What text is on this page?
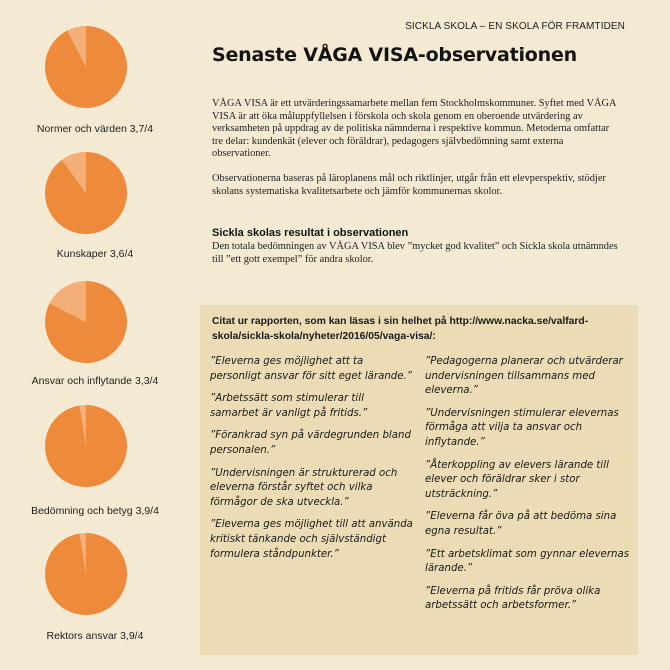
SICKLA SKOLA – EN SKOLA FÖR FRAMTIDEN
Normer och värden 3,7/4
Kunskaper 3,6/4
Ansvar och inflytande 3,3/4
Bedömning och betyg 3,9/4
Rektors ansvar 3,9/4
Senaste VÅGA VISA-observationen

VÅGA VISA är ett utvärderingssamarbete mellan fem Stockholmskommuner. Syftet med VÅGA VISA är att öka måluppfyllelsen i förskola och skola genom en oberoende utvärdering av verksamheten på uppdrag av de politiska nämnderna i respektive kommun. Metoderna omfattar tre delar: kundenkät (elever och föräldrar), pedagogers självbedömning samt externa observationer.

Observationerna baseras på läroplanens mål och riktlinjer, utgår från ett elevperspektiv, stödjer skolans systematiska kvalitetsarbete och jämför kommunernas skolor.

Sickla skolas resultat i observationen
Den totala bedömningen av VÅGA VISA blev ”mycket god kvalitet” och Sickla skola utnämndes till ”ett gott exempel” för andra skolor.
Citat ur rapporten, som kan läsas i sin helhet på http://www.nacka.se/valfard-skola/sickla-skola/nyheter/2016/05/vaga-visa/:

”Eleverna ges möjlighet att ta personligt ansvar för sitt eget lärande.”

”Arbetssätt som stimulerar till samarbet är vanligt på fritids.”

”Förankrad syn på värdegrunden bland personalen.”

”Undervisningen är strukturerad och eleverna förstår syftet och vilka förmågor de ska utveckla.”

”Eleverna ges möjlighet till att använda kritiskt tänkande och självständigt formulera ståndpunkter.”

”Pedagogerna planerar och utvärderar undervisningen tillsammans med eleverna.”

”Undervisningen stimulerar elevernas förmåga att vilja ta ansvar och inflytande.”

”Återkoppling av elevers lärande till elever och föräldrar sker i stor utsträckning.”

”Eleverna får öva på att bedöma sina egna resultat.”

”Ett arbetsklimat som gynnar elevernas lärande.”

”Eleverna på fritids får pröva olika arbetssätt och arbetsformer.”
